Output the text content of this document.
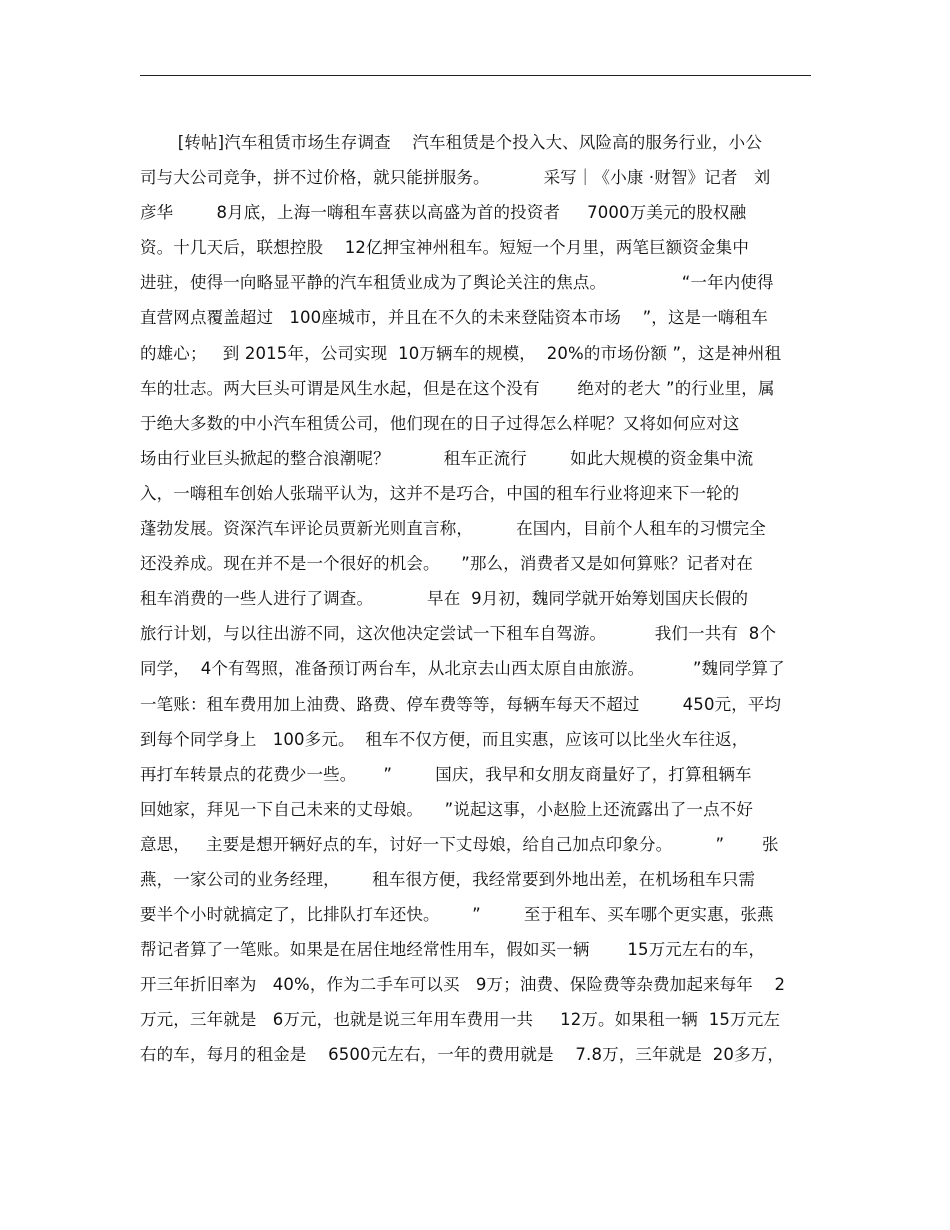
[转帖]汽车租赁市场生存调查    汽车租赁是个投入大、风险高的服务行业，小公
司与大公司竞争，拼不过价格，就只能拼服务。          采写｜《小康 ·财智》记者   刘
彦华        8月底，上海一嗨租车喜获以高盛为首的投资者     7000万美元的股权融
资。十几天后，联想控股    12亿押宝神州租车。短短一个月里，两笔巨额资金集中
进驻，使得一向略显平静的汽车租赁业成为了舆论关注的焦点。              “一年内使得
直营网点覆盖超过   100座城市，并且在不久的未来登陆资本市场    ”，这是一嗨租车
的雄心；   到 2015年，公司实现  10万辆车的规模，  20%的市场份额 ”，这是神州租
车的壮志。两大巨头可谓是风生水起，但是在这个没有       绝对的老大 ”的行业里，属
于绝大多数的中小汽车租赁公司，他们现在的日子过得怎么样呢？又将如何应对这
场由行业巨头掀起的整合浪潮呢？          租车正流行        如此大规模的资金集中流
入，一嗨租车创始人张瑞平认为，这并不是巧合，中国的租车行业将迎来下一轮的
蓬勃发展。资深汽车评论员贾新光则直言称，        在国内，目前个人租车的习惯完全
还没养成。现在并不是一个很好的机会。    ”那么，消费者又是如何算账？记者对在
租车消费的一些人进行了调查。          早在  9月初，魏同学就开始筹划国庆长假的
旅行计划，与以往出游不同，这次他决定尝试一下租车自驾游。         我们一共有  8个
同学，  4个有驾照，准备预订两台车，从北京去山西太原自由旅游。         ”魏同学算了
一笔账：租车费用加上油费、路费、停车费等等，每辆车每天不超过        450元，平均
到每个同学身上   100多元。  租车不仅方便，而且实惠，应该可以比坐火车往返，
再打车转景点的花费少一些。     ”        国庆，我早和女朋友商量好了，打算租辆车
回她家，拜见一下自己未来的丈母娘。    ”说起这事，小赵脸上还流露出了一点不好
意思，   主要是想开辆好点的车，讨好一下丈母娘，给自己加点印象分。        ”       张
燕，一家公司的业务经理，      租车很方便，我经常要到外地出差，在机场租车只需
要半个小时就搞定了，比排队打车还快。      ”        至于租车、买车哪个更实惠，张燕
帮记者算了一笔账。如果是在居住地经常性用车，假如买一辆       15万元左右的车，
开三年折旧率为   40%，作为二手车可以买   9万；油费、保险费等杂费加起来每年    2
万元，三年就是   6万元，也就是说三年用车费用一共     12万。如果租一辆  15万元左
右的车，每月的租金是    6500元左右，一年的费用就是    7.8万，三年就是  20多万，
